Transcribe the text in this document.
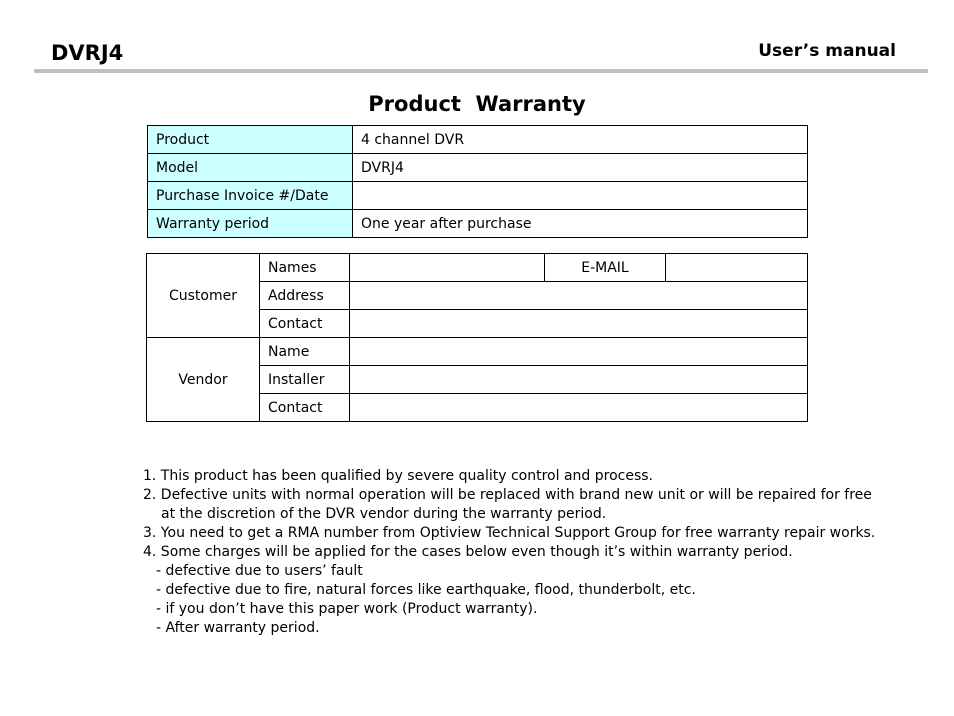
DVRJ4	User’s manual
Product  Warranty
Product	4 channel DVR
Model	DVRJ4
Purchase Invoice #/Date	
Warranty period	One year after purchase
Customer	Names		E-MAIL	
	Address			
	Contact			
Vendor	Name			
	Installer			
	Contact			
1. This product has been qualified by severe quality control and process.
2. Defective units with normal operation will be replaced with brand new unit or will be repaired for free
at the discretion of the DVR vendor during the warranty period.
3. You need to get a RMA number from Optiview Technical Support Group for free warranty repair works.
4. Some charges will be applied for the cases below even though it’s within warranty period.
- defective due to users’ fault
- defective due to fire, natural forces like earthquake, flood, thunderbolt, etc.
- if you don’t have this paper work (Product warranty).
- After warranty period.
